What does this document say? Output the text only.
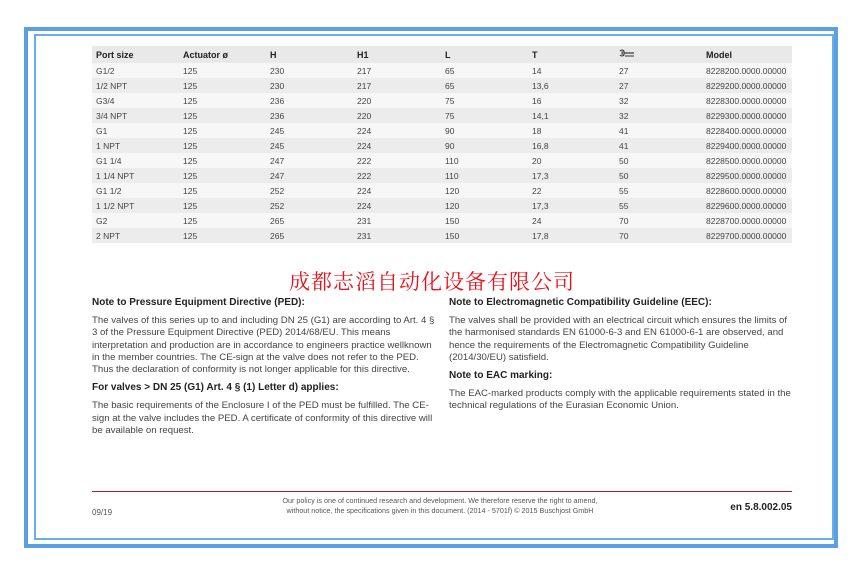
Port size	Actuator ø	H	H1	L	T		Model
G1/2	125	230	217	65	14	27	8228200.0000.00000
1/2 NPT	125	230	217	65	13,6	27	8229200.0000.00000
G3/4	125	236	220	75	16	32	8228300.0000.00000
3/4 NPT	125	236	220	75	14,1	32	8229300.0000.00000
G1	125	245	224	90	18	41	8228400.0000.00000
1 NPT	125	245	224	90	16,8	41	8229400.0000.00000
G1 1/4	125	247	222	110	20	50	8228500.0000.00000
1 1/4 NPT	125	247	222	110	17,3	50	8229500.0000.00000
G1 1/2	125	252	224	120	22	55	8228600.0000.00000
1 1/2 NPT	125	252	224	120	17,3	55	8229600.0000.00000
G2	125	265	231	150	24	70	8228700.0000.00000
2 NPT	125	265	231	150	17,8	70	8229700.0000.00000
成都志滔自动化设备有限公司
Note to Pressure Equipment Directive (PED):

The valves of this series up to and including DN 25 (G1) are according to Art. 4 § 3 of the Pressure Equipment Directive (PED) 2014/68/EU. This means interpretation and production are in accordance to engineers practice wellknown in the member countries. The CE-sign at the valve does not refer to the PED. Thus the declaration of conformity is not longer applicable for this directive.

For valves > DN 25 (G1) Art. 4 § (1) Letter d) applies:

The basic requirements of the Enclosure I of the PED must be fulfilled. The CE-sign at the valve includes the PED. A certificate of conformity of this directive will be available on request.

Note to Electromagnetic Compatibility Guideline (EEC):

The valves shall be provided with an electrical circuit which ensures the limits of the harmonised standards EN 61000-6-3 and EN 61000-6-1 are observed, and hence the requirements of the Electromagnetic Compatibility Guideline (2014/30/EU) satisfield.

Note to EAC marking:

The EAC-marked products comply with the applicable requirements stated in the technical regulations of the Eurasian Economic Union.

09/19
Our policy is one of continued research and development. We therefore reserve the right to amend,
without notice, the specifications given in this document. (2014 - 5701f) © 2015 Buschjost GmbH	en 5.8.002.05
